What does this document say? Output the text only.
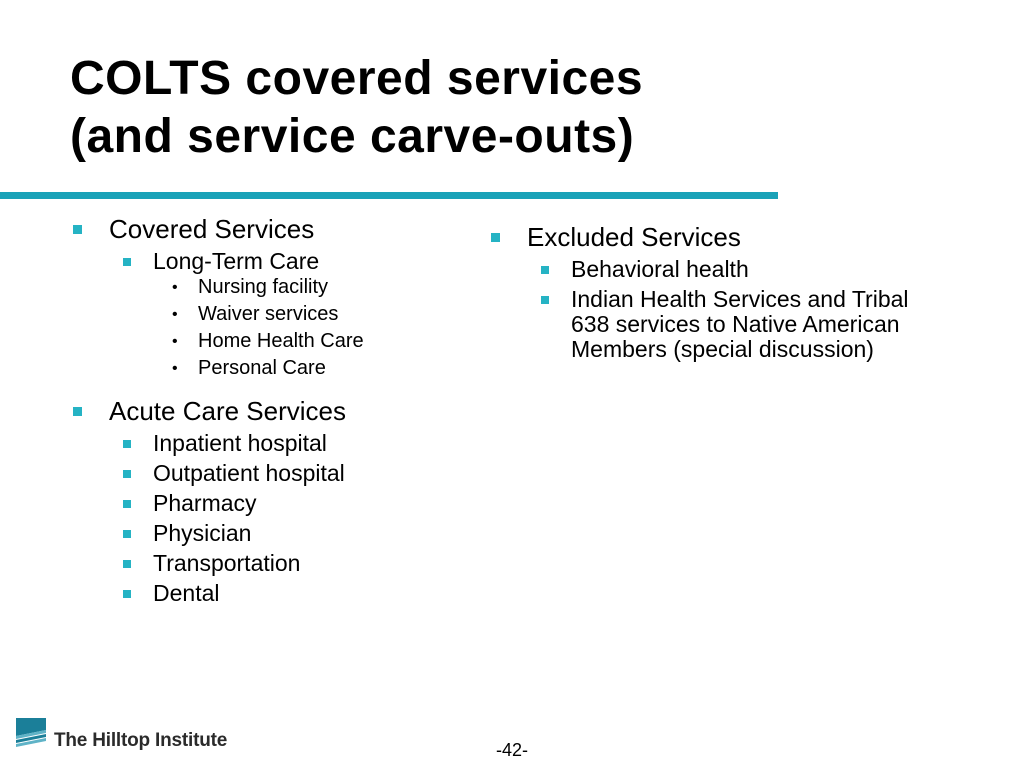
COLTS covered services
(and service carve-outs)
Covered Services
Long-Term Care
• Nursing facility
• Waiver services
• Home Health Care
• Personal Care
Acute Care Services
Inpatient hospital
Outpatient hospital
Pharmacy
Physician
Transportation
Dental
Excluded Services
Behavioral health
Indian Health Services and Tribal 638 services to Native American Members (special discussion)
The Hilltop Institute	-42-
